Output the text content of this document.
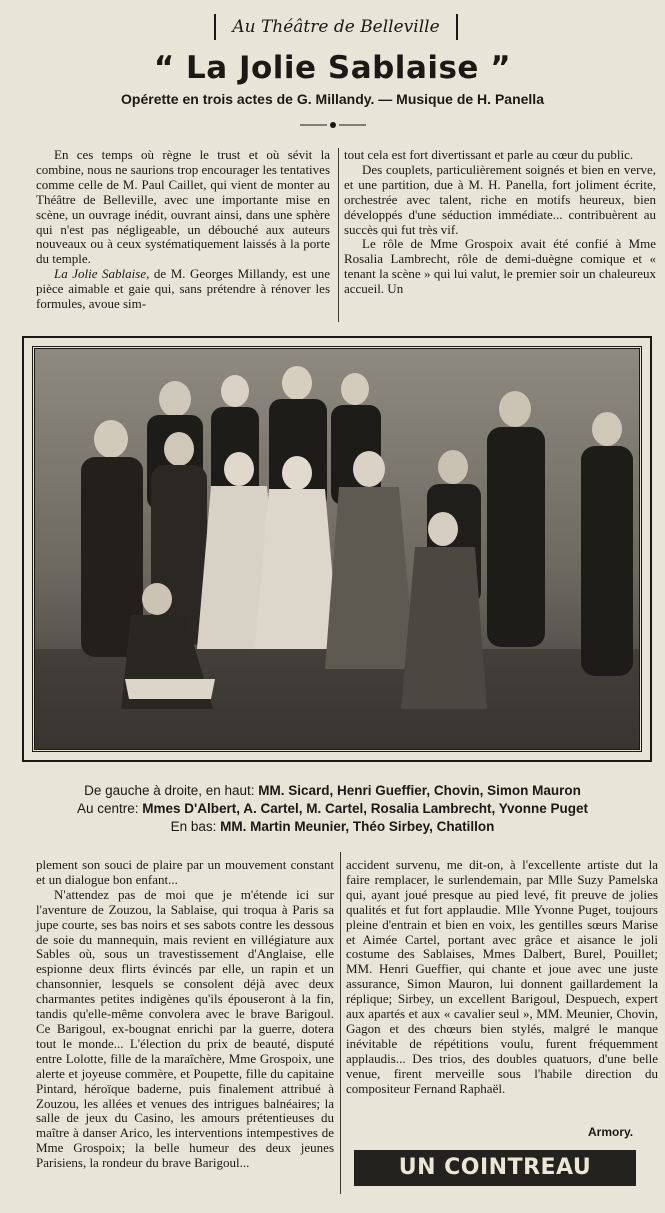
Au Théâtre de Belleville
“ La Jolie Sablaise ”
Opérette en trois actes de G. Millandy. — Musique de H. Panella

En ces temps où règne le trust et où sévit la combine, nous ne saurions trop encourager les tentatives comme celle de M. Paul Caillet, qui vient de monter au Théâtre de Belleville, avec une importante mise en scène, un ouvrage inédit, ouvrant ainsi, dans une sphère qui n'est pas négligeable, un débouché aux auteurs nouveaux ou à ceux systématiquement laissés à la porte du temple.

La Jolie Sablaise, de M. Georges Millandy, est une pièce aimable et gaie qui, sans prétendre à rénover les formules, avoue sim-

tout cela est fort divertissant et parle au cœur du public.

Des couplets, particulièrement soignés et bien en verve, et une partition, due à M. H. Panella, fort joliment écrite, orchestrée avec talent, riche en motifs heureux, bien développés d'une séduction immédiate... contribuèrent au succès qui fut très vif.

Le rôle de Mme Grospoix avait été confié à Mme Rosalia Lambrecht, rôle de demi-duègne comique et « tenant la scène » qui lui valut, le premier soir un chaleureux accueil. Un

De gauche à droite, en haut: MM. Sicard, Henri Gueffier, Chovin, Simon Mauron
Au centre: Mmes D'Albert, A. Cartel, M. Cartel, Rosalia Lambrecht, Yvonne Puget
En bas: MM. Martin Meunier, Théo Sirbey, Chatillon

plement son souci de plaire par un mouvement constant et un dialogue bon enfant...

N'attendez pas de moi que je m'étende ici sur l'aventure de Zouzou, la Sablaise, qui troqua à Paris sa jupe courte, ses bas noirs et ses sabots contre les dessous de soie du mannequin, mais revient en villégiature aux Sables où, sous un travestissement d'Anglaise, elle espionne deux flirts évincés par elle, un rapin et un chansonnier, lesquels se consolent déjà avec deux charmantes petites indigènes qu'ils épouseront à la fin, tandis qu'elle-même convolera avec le brave Barigoul. Ce Barigoul, ex-bougnat enrichi par la guerre, dotera tout le monde... L'élection du prix de beauté, disputé entre Lolotte, fille de la maraîchère, Mme Grospoix, une alerte et joyeuse commère, et Poupette, fille du capitaine Pintard, héroïque baderne, puis finalement attribué à Zouzou, les allées et venues des intrigues balnéaires; la salle de jeux du Casino, les amours prétentieuses du maître à danser Arico, les interventions intempestives de Mme Grospoix; la belle humeur des deux jeunes Parisiens, la rondeur du brave Barigoul...

accident survenu, me dit-on, à l'excellente artiste dut la faire remplacer, le surlendemain, par Mlle Suzy Pamelska qui, ayant joué presque au pied levé, fit preuve de jolies qualités et fut fort applaudie. Mlle Yvonne Puget, toujours pleine d'entrain et bien en voix, les gentilles sœurs Marise et Aimée Cartel, portant avec grâce et aisance le joli costume des Sablaises, Mmes Dalbert, Burel, Pouillet; MM. Henri Gueffier, qui chante et joue avec une juste assurance, Simon Mauron, lui donnent gaillardement la réplique; Sirbey, un excellent Barigoul, Despuech, expert aux apartés et aux « cavalier seul », MM. Meunier, Chovin, Gagon et des chœurs bien stylés, malgré le manque inévitable de répétitions voulu, furent fréquemment applaudis... Des trios, des doubles quatuors, d'une belle venue, firent merveille sous l'habile direction du compositeur Fernand Raphaël.

Armory.
UN COINTREAU
